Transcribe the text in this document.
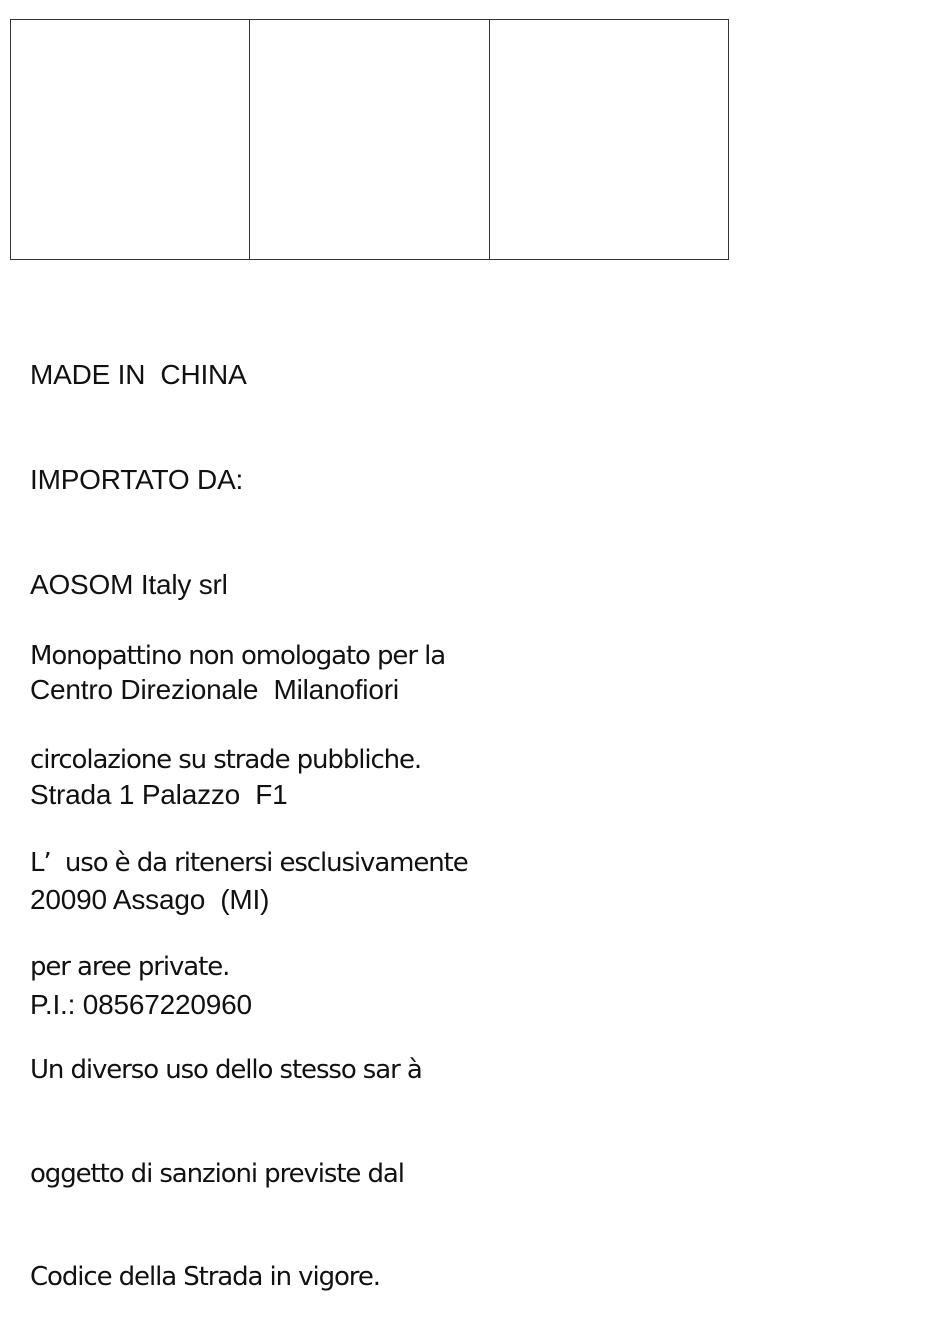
MADE IN  CHINA

IMPORTATO DA:

AOSOM Italy srl

Centro Direzionale  Milanofiori

Strada 1 Palazzo  F1

20090 Assago  (MI)

P.I.: 08567220960

Monopattino non omologato per la

circolazione su strade pubbliche.

L’  uso è da ritenersi esclusivamente

per aree private.

Un diverso uso dello stesso sar à

oggetto di sanzioni previste dal

Codice della Strada in vigore.
